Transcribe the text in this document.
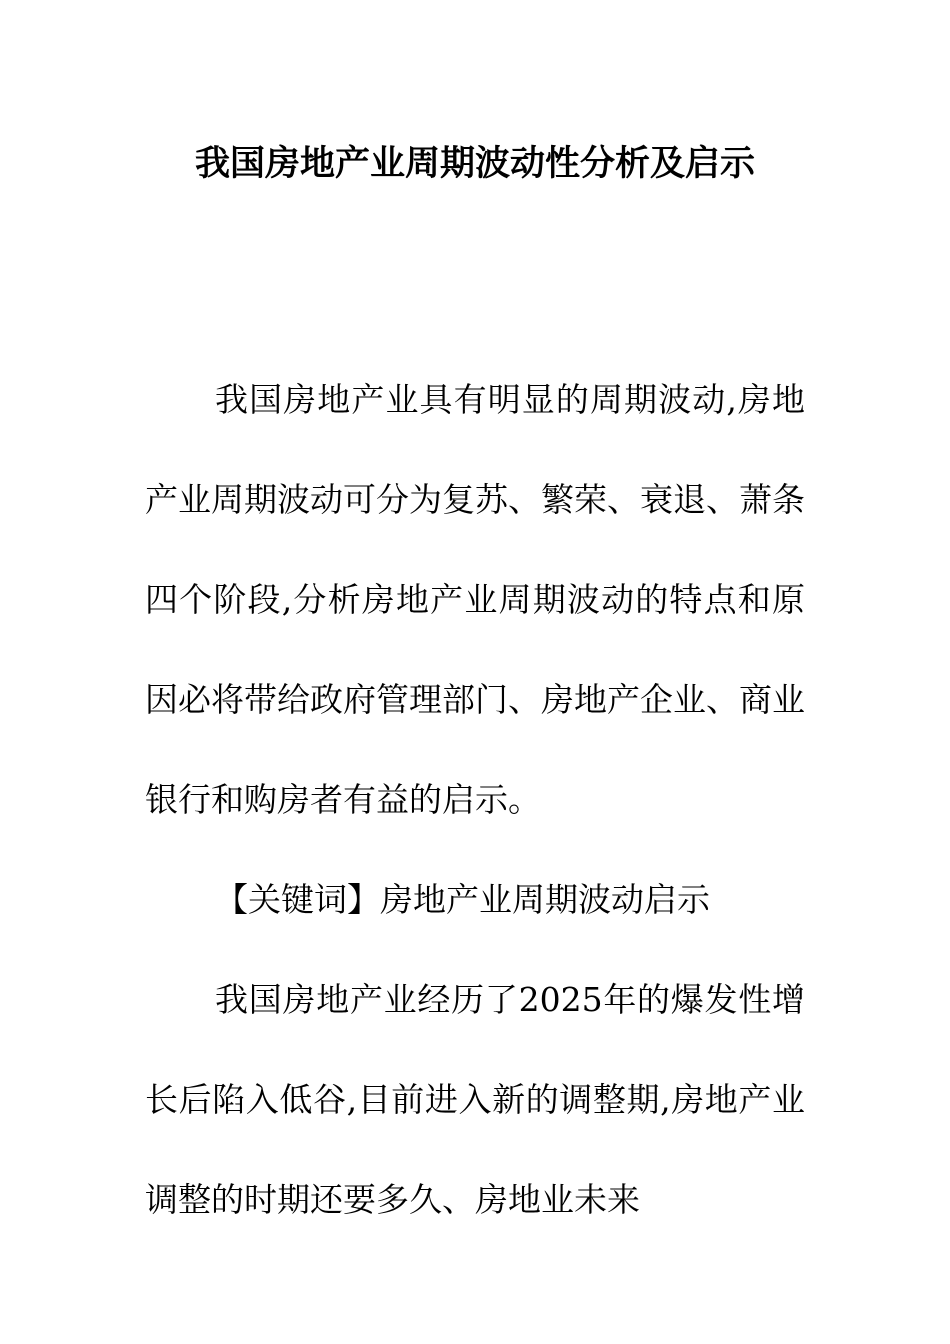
我国房地产业周期波动性分析及启示

我国房地产业具有明显的周期波动,房地产业周期波动可分为复苏、繁荣、衰退、萧条四个阶段,分析房地产业周期波动的特点和原因必将带给政府管理部门、房地产企业、商业银行和购房者有益的启示。

【关键词】房地产业周期波动启示

我国房地产业经历了2025年的爆发性增长后陷入低谷,目前进入新的调整期,房地产业调整的时期还要多久、房地业未来
